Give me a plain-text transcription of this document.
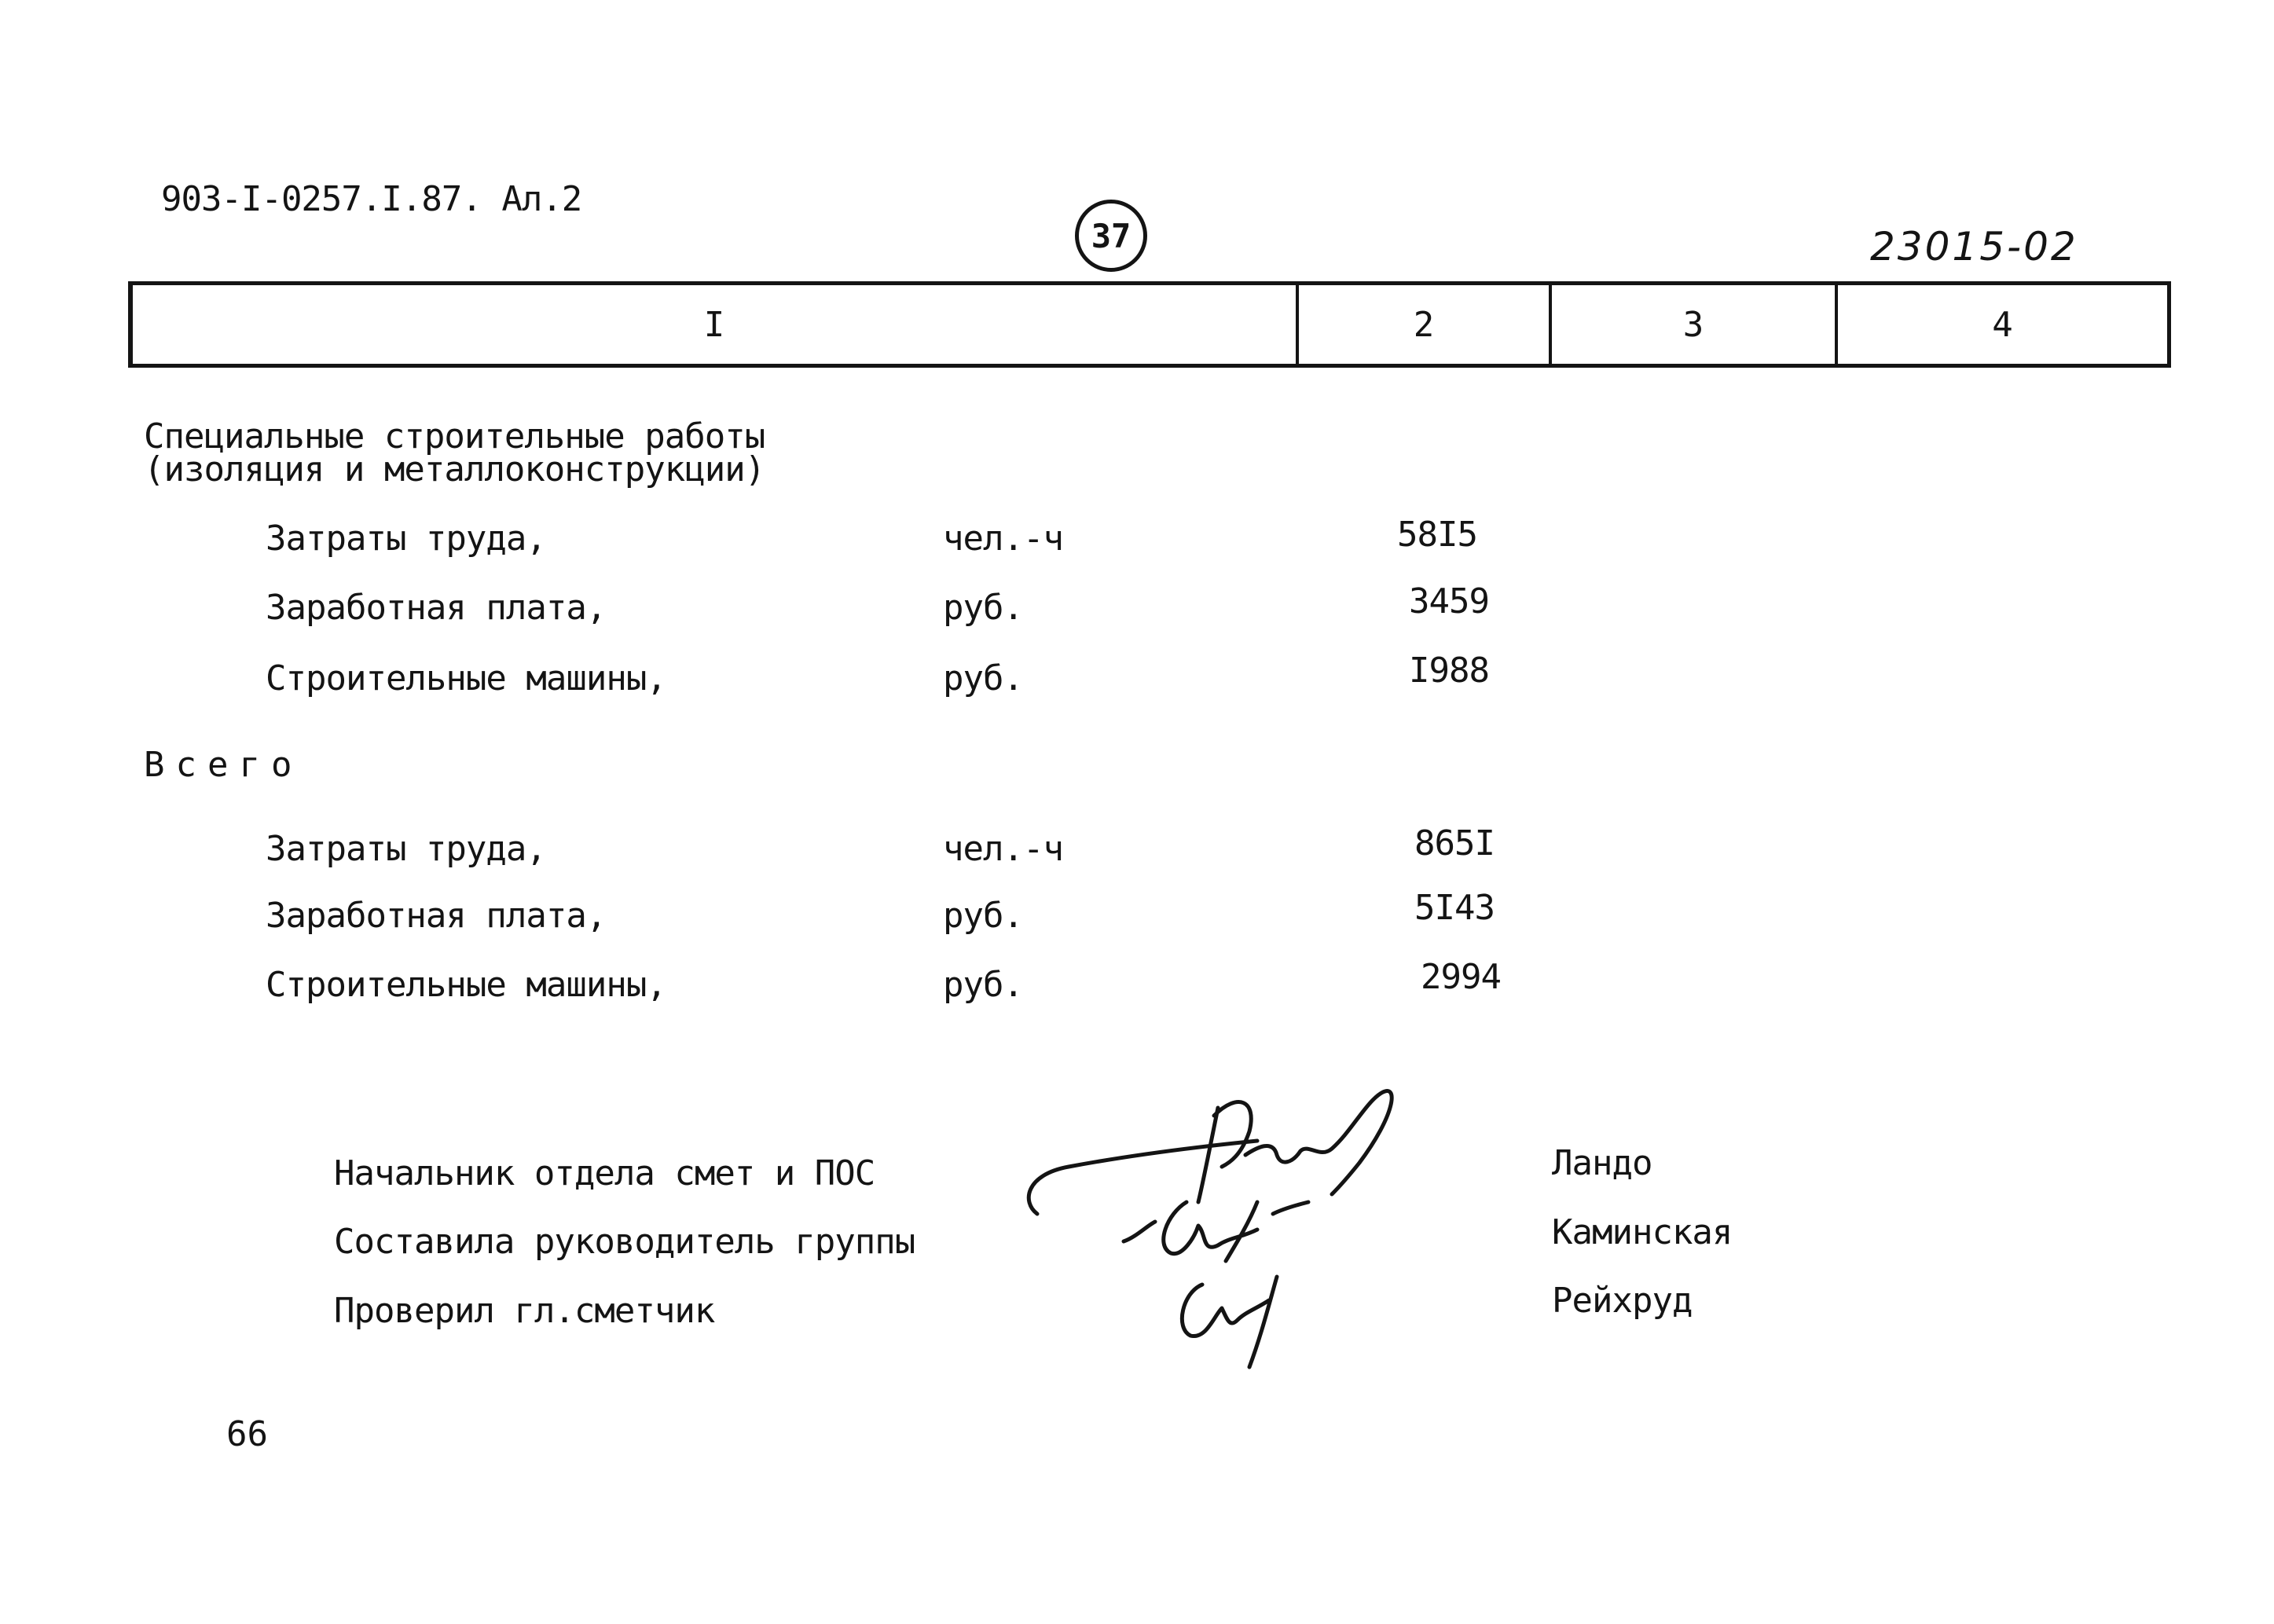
903-I-0257.I.87. Ал.2
37	23015-02
I	2	3	4
Специальные строительные работы
(изоляция и металлоконструкции)
Затраты труда,	чел.-ч	58I5
Заработная плата,	руб.	3459
Строительные машины,	руб.	I988
Всего
Затраты труда,	чел.-ч	865I
Заработная плата,	руб.	5I43
Строительные машины,	руб.	2994
Начальник отдела смет и ПОС	Ландо
Составила руководитель группы	Каминская
Проверил гл.сметчик	Рейхруд
66
